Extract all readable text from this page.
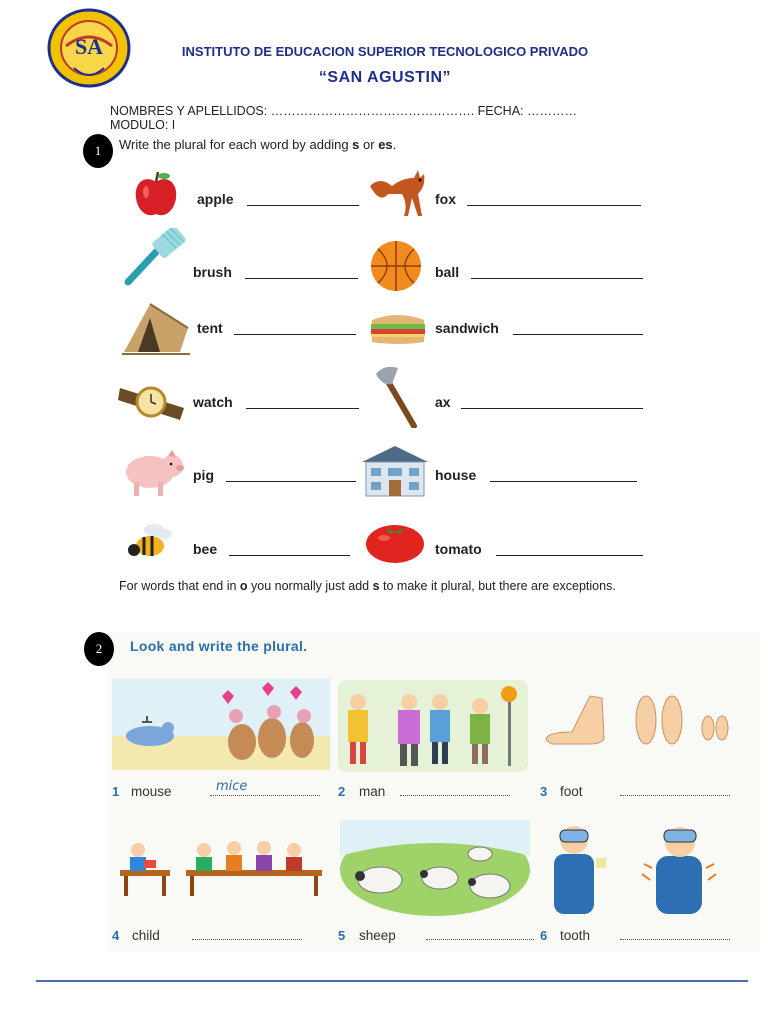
SA	INSTITUTO DE EDUCACION SUPERIOR TECNOLOGICO PRIVADO
“SAN AGUSTIN”
NOMBRES Y APLELLIDOS: …………………………………………. FECHA: …………
MODULO: I
1	Write the plural for each word by adding s or es.
apple	fox
brush	ball
tent	sandwich
watch	ax
pig	house
bee	tomato
For words that end in o you normally just add s to make it plural, but there are exceptions.
2	Look and write the plural.
1 mouse	mice	2 man	3 foot
4 child	5 sheep	6 tooth
